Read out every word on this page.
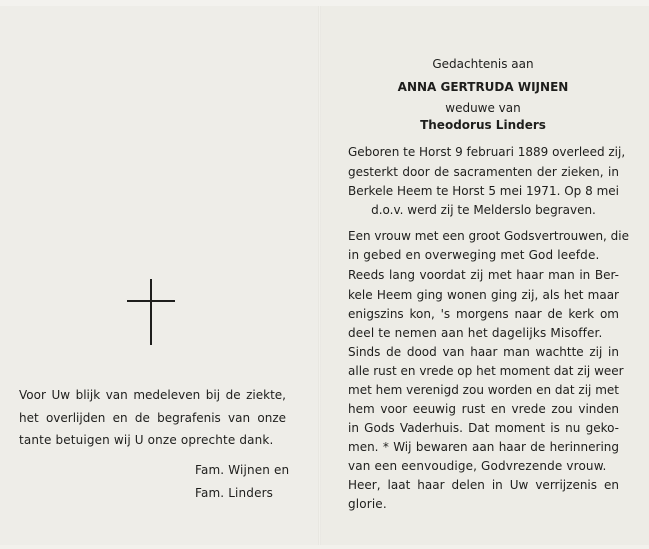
Voor Uw blijk van medeleven bij de ziekte,
het overlijden en de begrafenis van onze
tante betuigen wij U onze oprechte dank.
Fam. Wijnen en
Fam. Linders
Gedachtenis aan
ANNA GERTRUDA WIJNEN
weduwe van
Theodorus Linders
Geboren te Horst 9 februari 1889 overleed zij,
gesterkt door de sacramenten der zieken, in
Berkele Heem te Horst 5 mei 1971. Op 8 mei
d.o.v. werd zij te Melderslo begraven.
Een vrouw met een groot Godsvertrouwen, die
in gebed en overweging met God leefde.
Reeds lang voordat zij met haar man in Ber-
kele Heem ging wonen ging zij, als het maar
enigszins kon, 's morgens naar de kerk om
deel te nemen aan het dagelijks Misoffer.
Sinds de dood van haar man wachtte zij in
alle rust en vrede op het moment dat zij weer
met hem verenigd zou worden en dat zij met
hem voor eeuwig rust en vrede zou vinden
in Gods Vaderhuis. Dat moment is nu geko-
men. * Wij bewaren aan haar de herinnering
van een eenvoudige, Godvrezende vrouw.
Heer, laat haar delen in Uw verrijzenis en
glorie.
